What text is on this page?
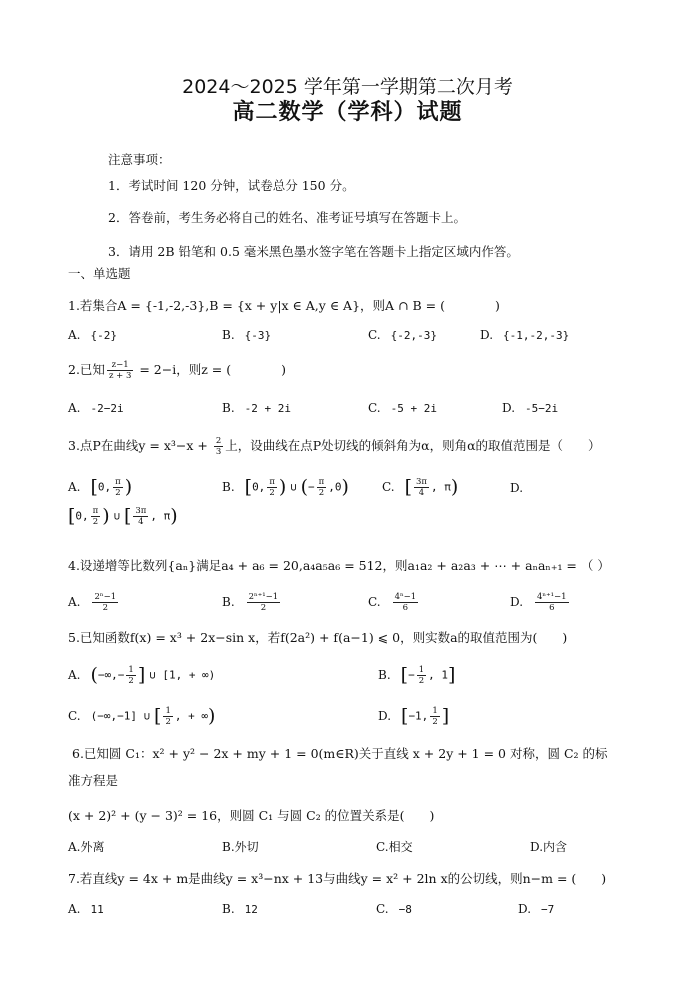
2024～2025 学年第一学期第二次月考
高二数学（学科）试题
注意事项：
1．考试时间 120 分钟，试卷总分 150 分。
2．答卷前，考生务必将自己的姓名、准考证号填写在答题卡上。
3．请用 2B 铅笔和 0.5 毫米黑色墨水签字笔在答题卡上指定区域内作答。
一、单选题
1.若集合A = {-1,-2,-3},B = {x + y|x ∈ A,y ∈ A}，则A ∩ B = (　　　　)
A. {-2}	B. {-3}	C. {-2,-3}	D. {-1,-2,-3}
2.已知 $\frac{z-1}{z + 3} = 2-i$，则z = (　　　　)
A. -2−2i	B. -2 + 2i	C. -5 + 2i	D. -5−2i
3.点P在曲线$y = x^3-x + \frac{2}{3}$ 上，设曲线在点P处切线的倾斜角为α，则角α的取值范围是（　　）
A. [0, $\frac{\pi}{2}$ )	B. [0, $\frac{\pi}{2}$ ) ∪ (− $\frac{\pi}{2} ,0$)	C. [ $\frac{3\pi}{4}$ , π)	D.
[0, $\frac{\pi}{2}$ ) ∪ [ $\frac{3\pi}{4}$ , π)
4.设递增等比数列{aₙ}满足a₄ + a₆ = 20,a₄a₅a₆ = 512，则a₁a₂ + a₂a₃ + ⋯ + aₙaₙ₊₁ = （ ）
A. $\frac{\text{2ⁿ−1}}{2}$	B. $\frac{\text{2ⁿ⁺¹−1}}{2}$	C. $\frac{\text{4ⁿ−1}}{6}$	D. $\frac{\text{4ⁿ⁺¹−1}}{6}$
5.已知函数f(x) = x³ + 2x−sin x，若f(2a²) + f(a−1) ⩽ 0，则实数a的取值范围为(　　)
A. (−∞,− $\frac{1}{2}$ ] ∪ [1, + ∞)	B. [− $\frac{1}{2}$ , 1]
C. (−∞,−1] ∪ [ $\frac{1}{2}$ , + ∞)	D. [−1, $\frac{1}{2}$ ]
6.已知圆 C₁：x² + y² − 2x + my + 1 = 0(m∈R)关于直线 x + 2y + 1 = 0 对称，圆 C₂ 的标
准方程是
(x + 2)² + (y − 3)² = 16，则圆 C₁ 与圆 C₂ 的位置关系是(　　)
A.外离	B.外切	C.相交	D.内含
7.若直线y = 4x + m是曲线y = x³−nx + 13与曲线y = x² + 2ln x的公切线，则n−m = (　　)
A. 11	B. 12	C. −8	D. −7
